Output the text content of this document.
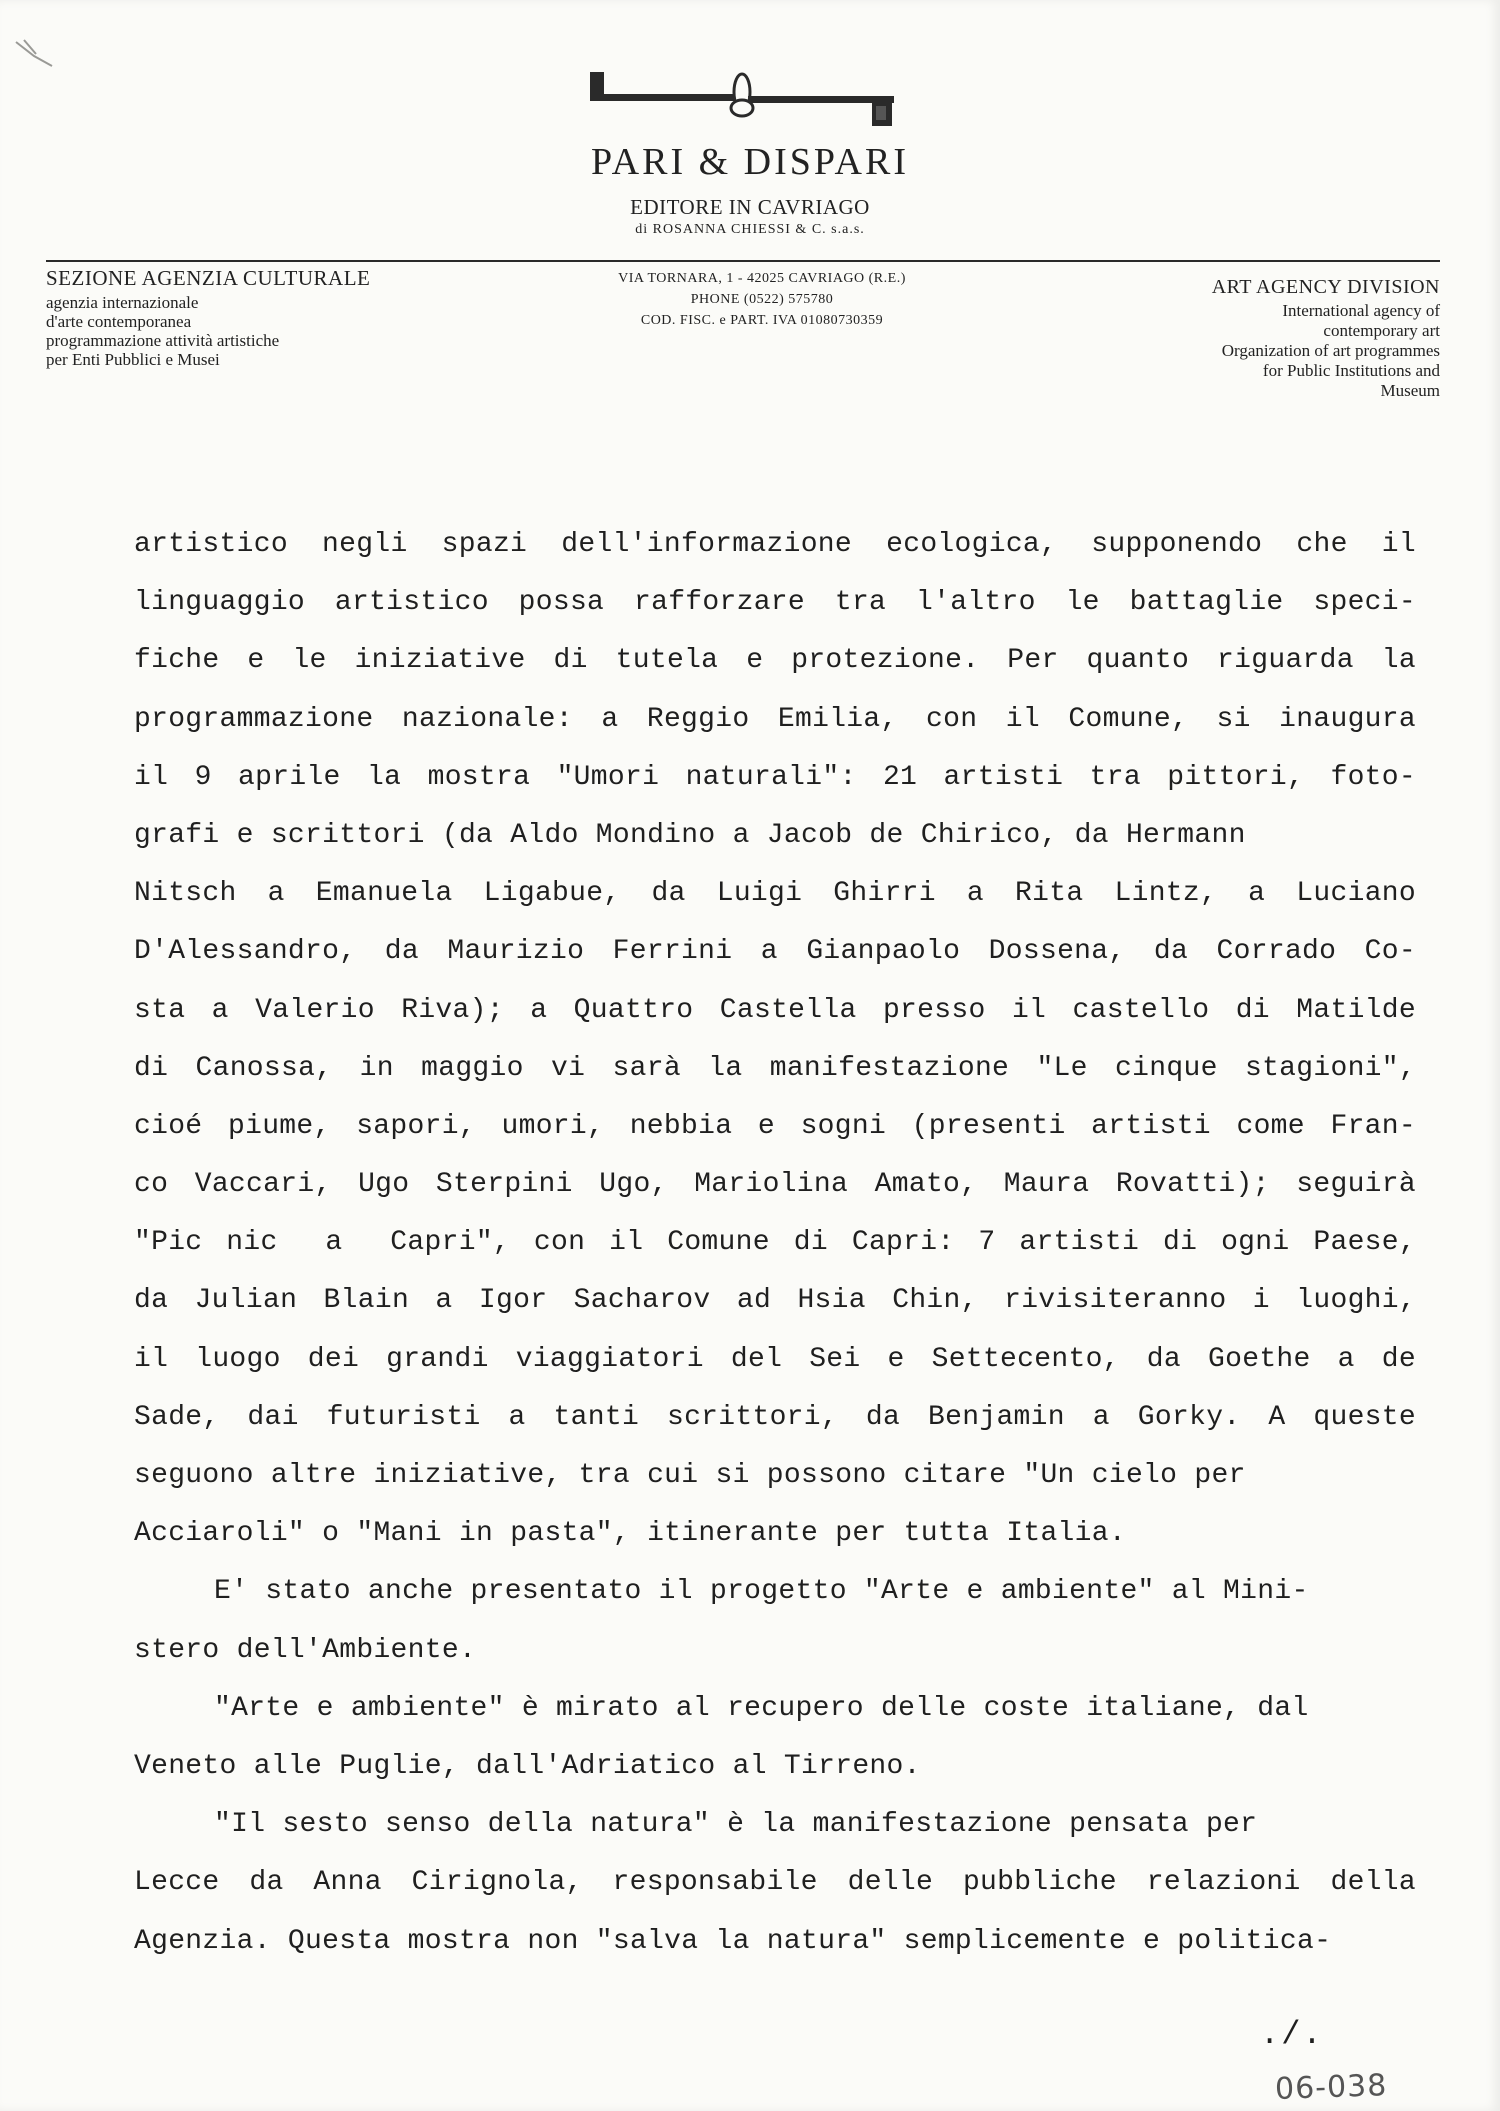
PARI & DISPARI
EDITORE IN CAVRIAGO
di ROSANNA CHIESSI & C. s.a.s.
SEZIONE AGENZIA CULTURALE
agenzia internazionale
d'arte contemporanea
programmazione attività artistiche
per Enti Pubblici e Musei
VIA TORNARA, 1 - 42025 CAVRIAGO (R.E.)
PHONE (0522) 575780
COD. FISC. e PART. IVA 01080730359
ART AGENCY DIVISION
International agency of
contemporary art
Organization of art programmes
for Public Institutions and
Museum
artistico negli spazi dell'informazione ecologica, supponendo che il
linguaggio artistico possa rafforzare tra l'altro le battaglie speci-
fiche e le iniziative di tutela e protezione. Per quanto riguarda la
programmazione nazionale: a Reggio Emilia, con il Comune, si inaugura
il 9 aprile la mostra "Umori naturali": 21 artisti tra pittori, foto-
grafi e scrittori (da Aldo Mondino a Jacob de Chirico, da Hermann
Nitsch a Emanuela Ligabue, da Luigi Ghirri a Rita Lintz, a Luciano
D'Alessandro, da Maurizio Ferrini a Gianpaolo Dossena, da Corrado Co-
sta a Valerio Riva); a Quattro Castella presso il castello di Matilde
di Canossa, in maggio vi sarà la manifestazione "Le cinque stagioni",
cioé piume, sapori, umori, nebbia e sogni (presenti artisti come Fran-
co Vaccari, Ugo Sterpini Ugo, Mariolina Amato, Maura Rovatti); seguirà
"Pic nic  a  Capri", con il Comune di Capri: 7 artisti di ogni Paese,
da Julian Blain a Igor Sacharov ad Hsia Chin, rivisiteranno i luoghi,
il luogo dei grandi viaggiatori del Sei e Settecento, da Goethe a de
Sade, dai futuristi a tanti scrittori, da Benjamin a Gorky. A queste
seguono altre iniziative, tra cui si possono citare "Un cielo per
Acciaroli" o "Mani in pasta", itinerante per tutta Italia.
E' stato anche presentato il progetto "Arte e ambiente" al Mini-
stero dell'Ambiente.
"Arte e ambiente" è mirato al recupero delle coste italiane, dal
Veneto alle Puglie, dall'Adriatico al Tirreno.
"Il sesto senso della natura" è la manifestazione pensata per
Lecce da Anna Cirignola, responsabile delle pubbliche relazioni della
Agenzia. Questa mostra non "salva la natura" semplicemente e politica-
./.
06-038
